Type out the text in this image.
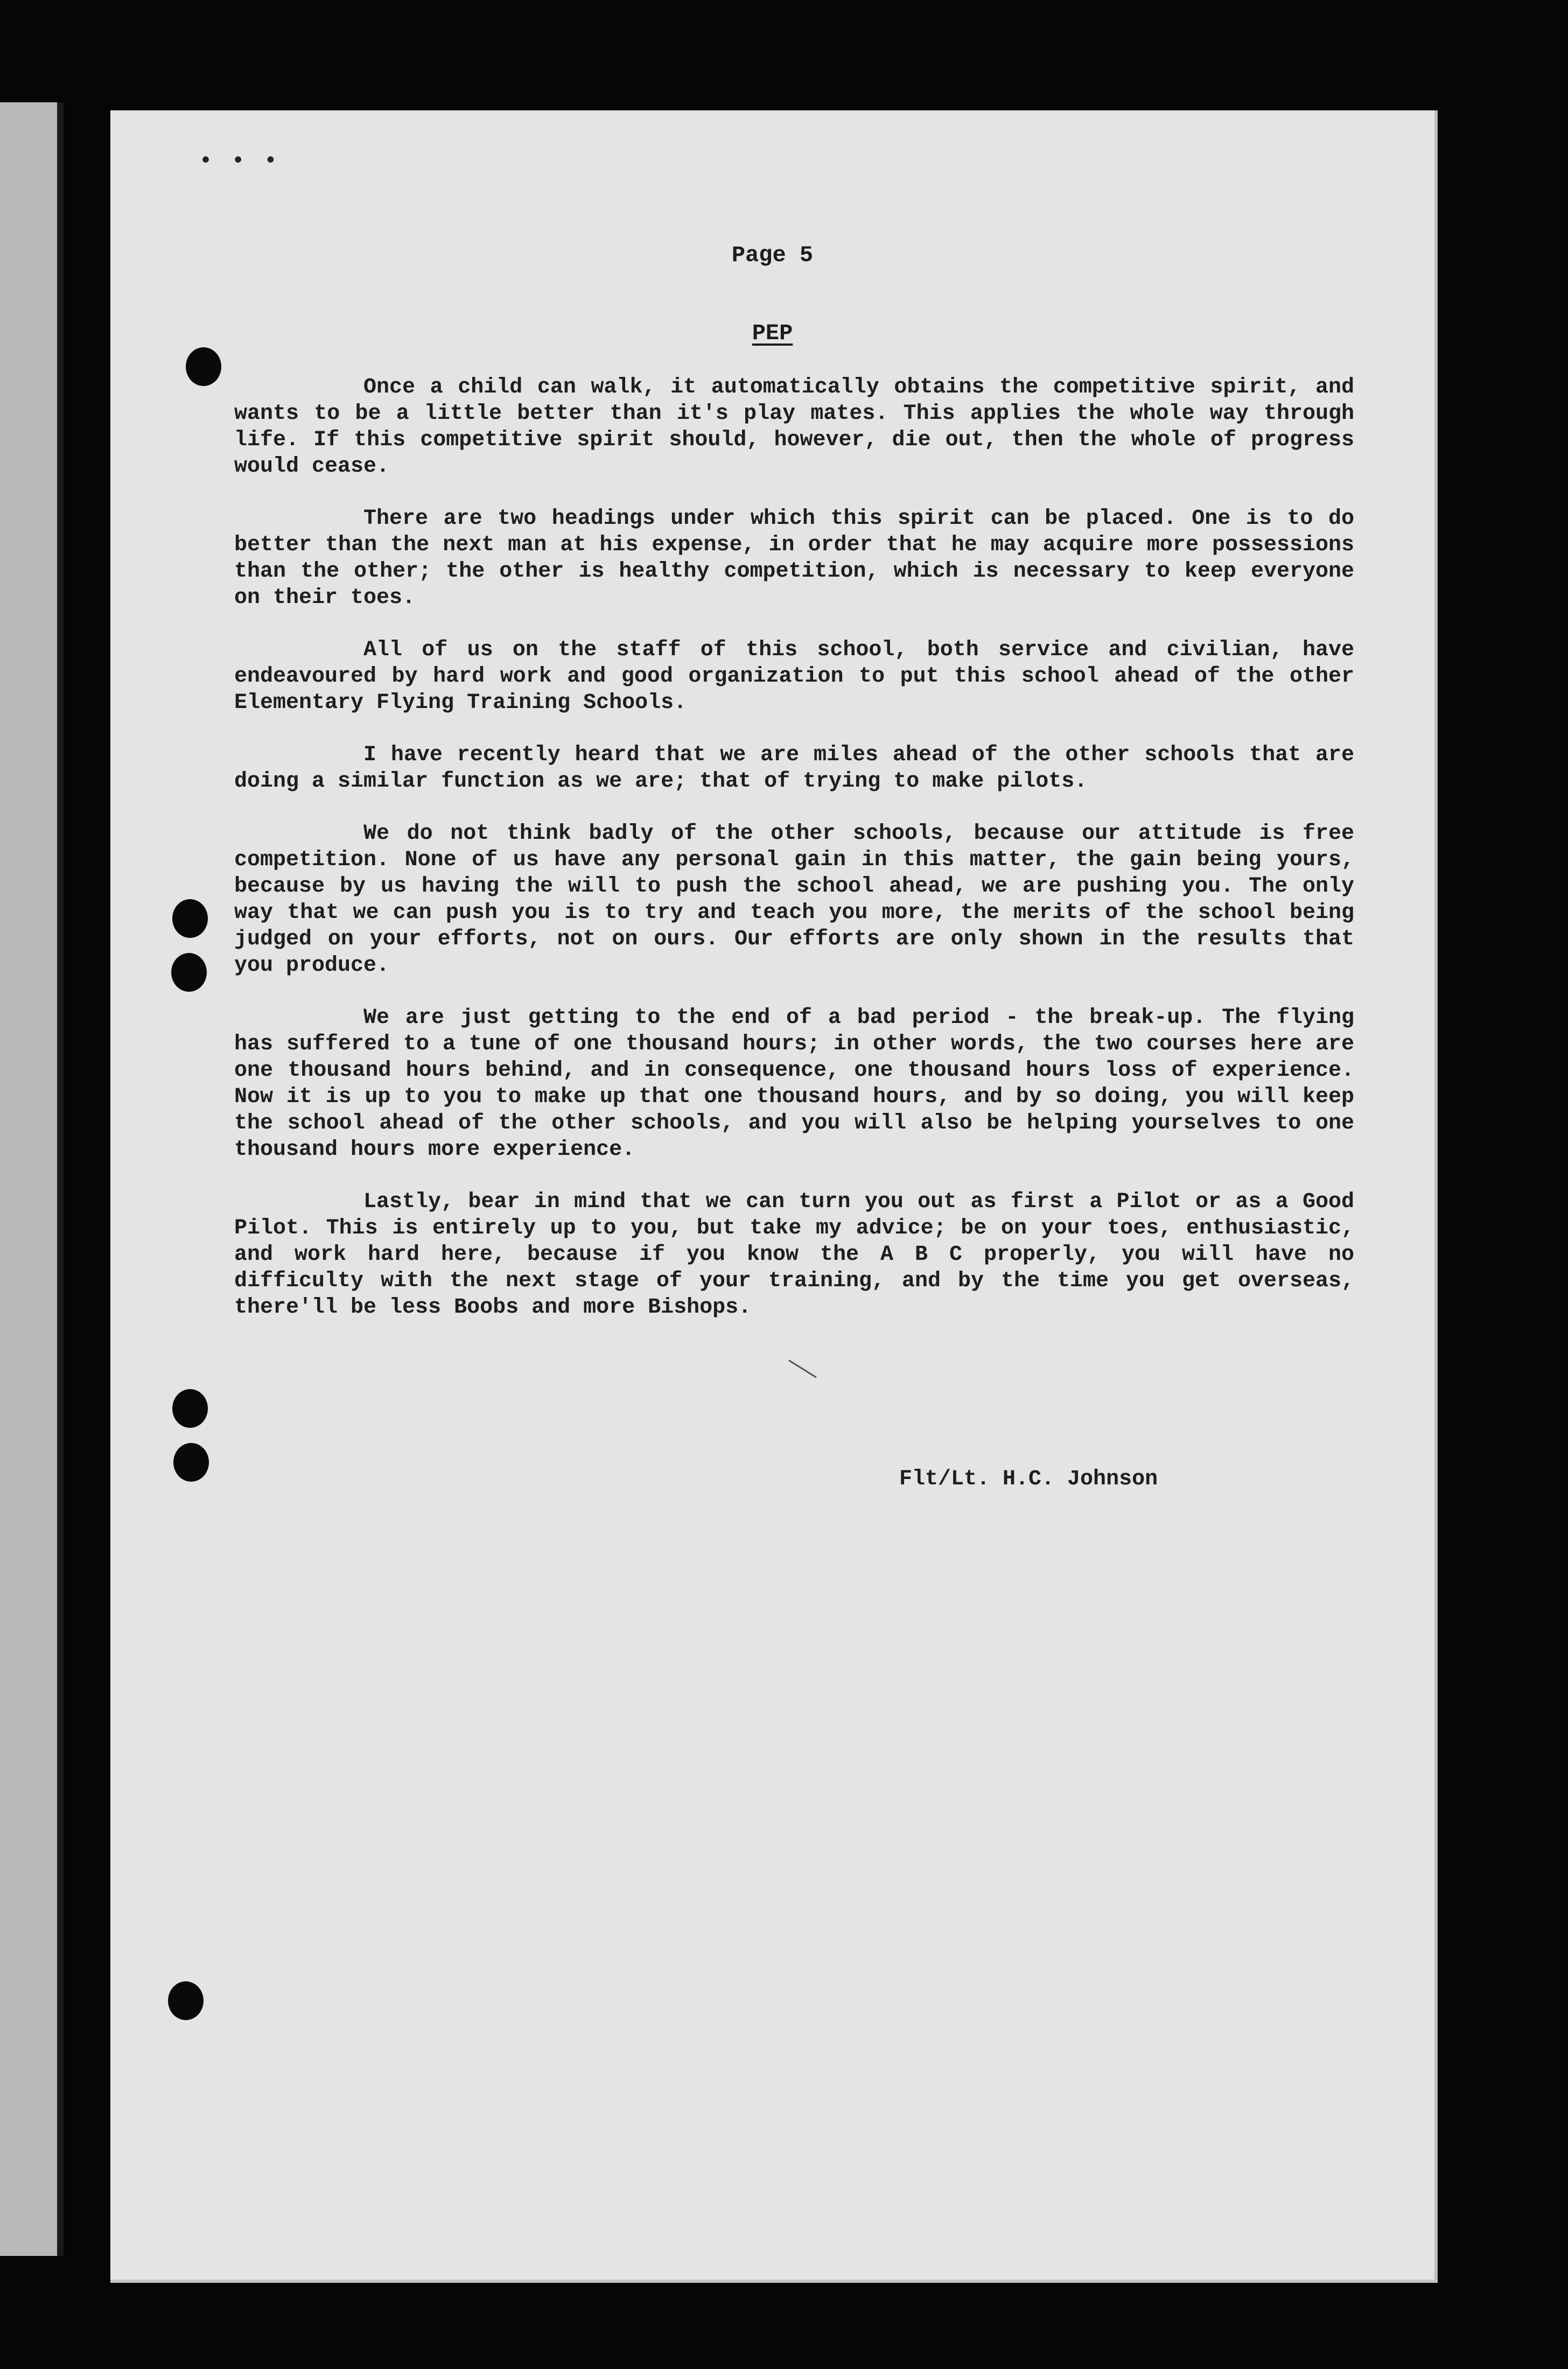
• • •
Page 5
PEP

Once a child can walk, it automatically obtains the competitive spirit, and wants to be a little better than it's play mates. This applies the whole way through life. If this competitive spirit should, however, die out, then the whole of progress would cease.

There are two headings under which this spirit can be placed. One is to do better than the next man at his expense, in order that he may acquire more possessions than the other; the other is healthy competition, which is necessary to keep everyone on their toes.

All of us on the staff of this school, both service and civilian, have endeavoured by hard work and good organization to put this school ahead of the other Elementary Flying Training Schools.

I have recently heard that we are miles ahead of the other schools that are doing a similar function as we are; that of trying to make pilots.

We do not think badly of the other schools, because our attitude is free competition. None of us have any personal gain in this matter, the gain being yours, because by us having the will to push the school ahead, we are pushing you. The only way that we can push you is to try and teach you more, the merits of the school being judged on your efforts, not on ours. Our efforts are only shown in the results that you produce.

We are just getting to the end of a bad period - the break-up. The flying has suffered to a tune of one thousand hours; in other words, the two courses here are one thousand hours behind, and in consequence, one thousand hours loss of experience. Now it is up to you to make up that one thousand hours, and by so doing, you will keep the school ahead of the other schools, and you will also be helping yourselves to one thousand hours more experience.

Lastly, bear in mind that we can turn you out as first a Pilot or as a Good Pilot. This is entirely up to you, but take my advice; be on your toes, enthusiastic, and work hard here, because if you know the A B C properly, you will have no difficulty with the next stage of your training, and by the time you get overseas, there'll be less Boobs and more Bishops.

Flt/Lt. H.C. Johnson
